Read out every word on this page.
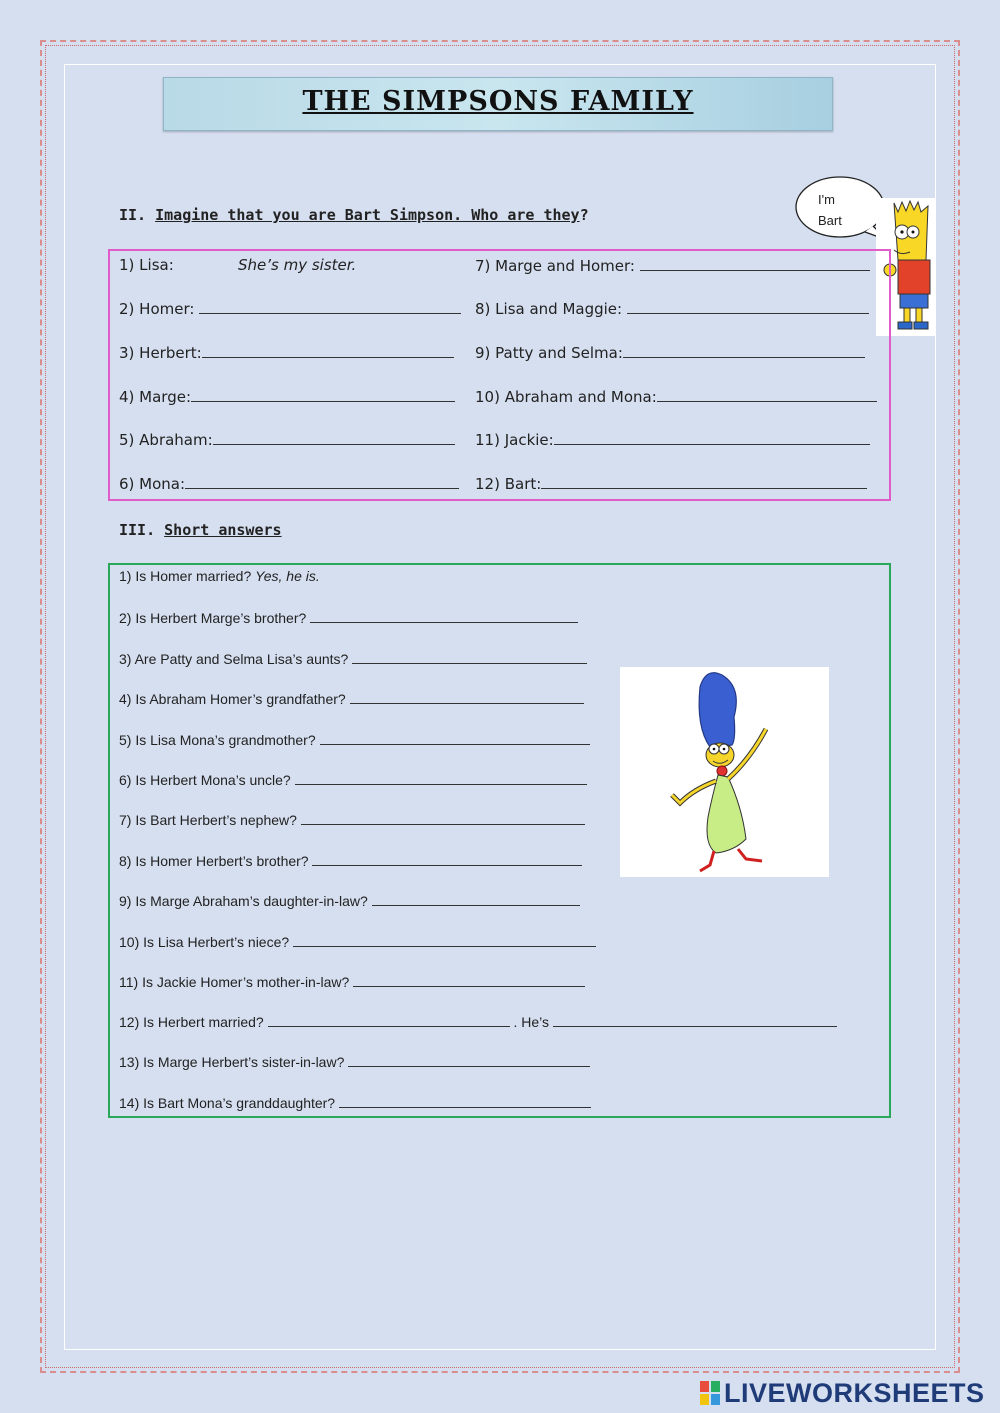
THE SIMPSONS FAMILY
II. Imagine that you are Bart Simpson. Who are they?
I'm
Bart
1) Lisa:	She’s my sister.
2) Homer:
3) Herbert:
4) Marge:
5) Abraham:
6) Mona:
7) Marge and Homer:
8) Lisa and Maggie:
9) Patty and Selma:
10) Abraham and Mona:
11) Jackie:
12) Bart:
III. Short answers
1) Is Homer married? Yes, he is.
2) Is Herbert Marge’s brother?
3) Are Patty and Selma Lisa’s aunts?
4) Is Abraham Homer’s grandfather?
5) Is Lisa Mona’s grandmother?
6) Is Herbert Mona’s uncle?
7) Is Bart Herbert’s nephew?
8) Is Homer Herbert’s brother?
9) Is Marge Abraham’s daughter-in-law?
10) Is Lisa Herbert’s niece?
11) Is Jackie Homer’s mother-in-law?
12) Is Herbert married?	. He’s
13) Is Marge Herbert’s sister-in-law?
14) Is Bart Mona’s granddaughter?
LIVEWORKSHEETS
